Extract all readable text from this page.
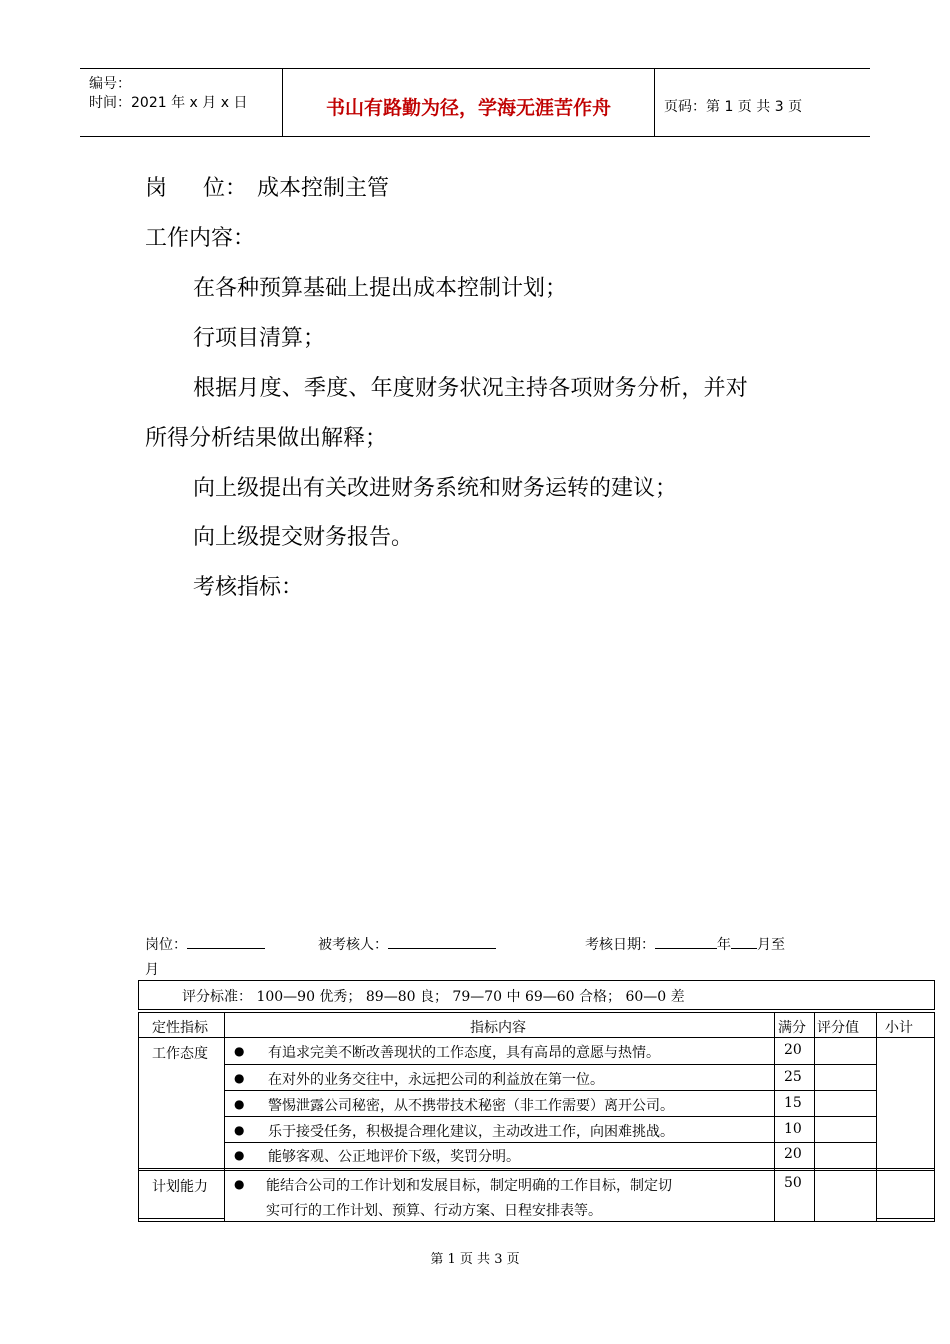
编号：
时间：2021 年 x 月 x 日	书山有路勤为径，学海无涯苦作舟	页码：第 1 页 共 3 页
岗 位： 成本控制主管
工作内容：
在各种预算基础上提出成本控制计划；
行项目清算；
根据月度、季度、年度财务状况主持各项财务分析，并对
所得分析结果做出解释；
向上级提出有关改进财务系统和财务运转的建议；
向上级提交财务报告。
考核指标：
岗位：	被考核人：	考核日期：	年 月至
月
评分标准： 100—90 优秀； 89—80 良； 79—70 中 69—60 合格； 60—0 差
定性指标	指标内容	满分 评分值 小计
工作态度 ● 有追求完美不断改善现状的工作态度，具有高昂的意愿与热情。	20
● 在对外的业务交往中，永远把公司的利益放在第一位。	25
● 警惕泄露公司秘密，从不携带技术秘密（非工作需要）离开公司。	15
● 乐于接受任务，积极提合理化建议，主动改进工作，向困难挑战。	10
● 能够客观、公正地评价下级，奖罚分明。	20
计划能力 ● 能结合公司的工作计划和发展目标，制定明确的工作目标，制定切
实可行的工作计划、预算、行动方案、日程安排表等。
50
第 1 页 共 3 页
